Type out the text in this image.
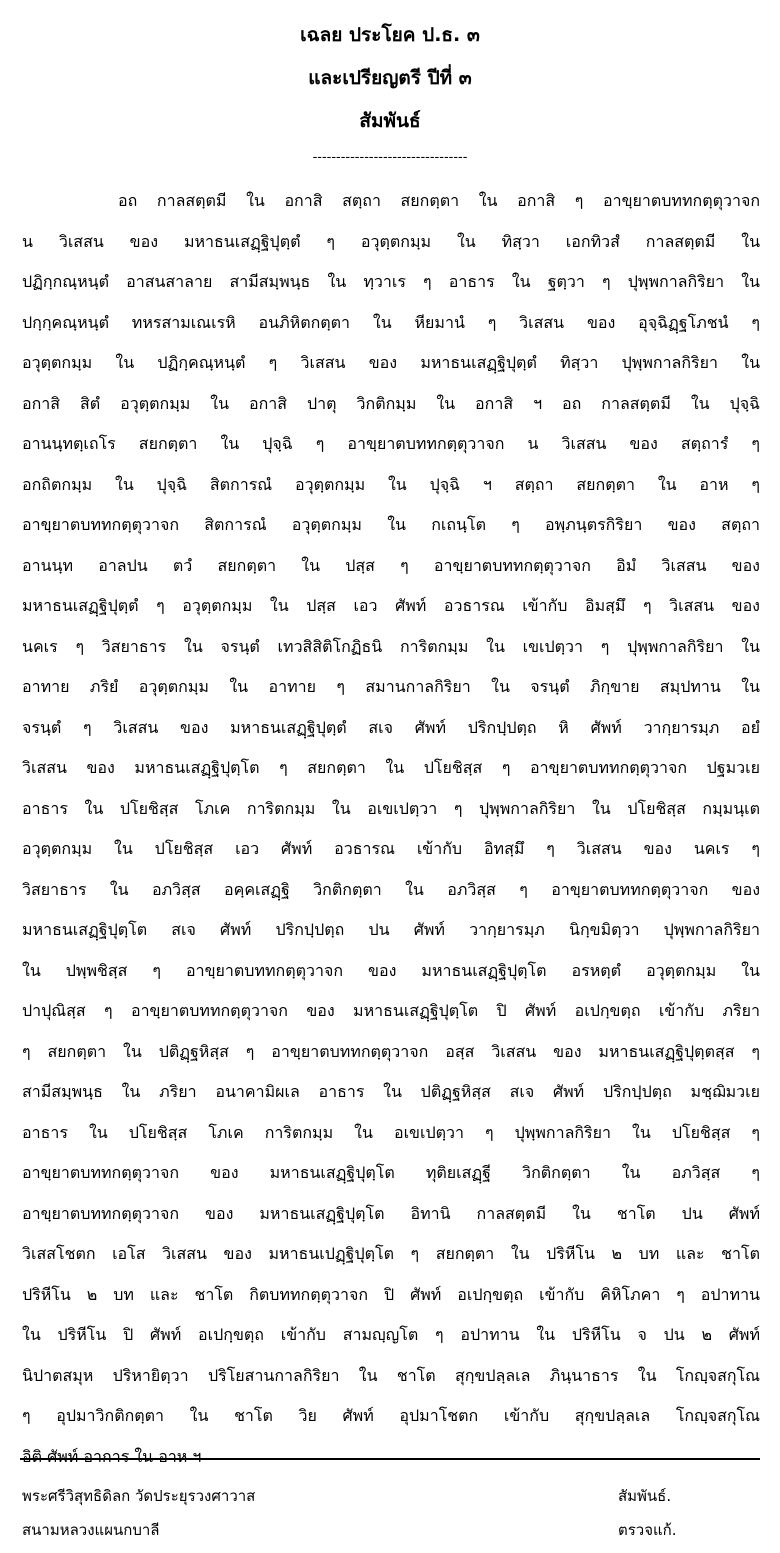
เฉลย ประโยค ป.ธ. ๓
และเปรียญตรี ปีที่ ๓
สัมพันธ์
---------------------------------
อถ กาลสตฺตมี ใน อกาสิ สตฺถา สยกตฺตา ใน อกาสิ ๆ อาขฺยาตบททกตฺตุวาจก
น วิเสสน ของ มหาธนเสฏฺฐิปุตฺตํ ๆ อวุตฺตกมฺม ใน ทิสฺวา เอกทิวสํ กาลสตฺตมี ใน
ปฏิกฺกณฺหนฺตํ อาสนสาลาย สามีสมฺพนฺธ ใน ทฺวาเร ๆ อาธาร ใน ฐตฺวา ๆ ปุพฺพกาลกิริยา ใน
ปกฺกฺคณฺหนฺตํ ทหรสามเณเรหิ อนภิหิตกตฺตา ใน หียมานํ ๆ วิเสสน ของ อุจฺฉิฏฺฐโภชนํ ๆ
อวุตฺตกมฺม ใน ปฏิกฺคณฺหนฺตํ ๆ วิเสสน ของ มหาธนเสฏฺฐิปุตฺตํ ทิสฺวา ปุพฺพกาลกิริยา ใน
อกาสิ สิตํ อวุตฺตกมฺม ใน อกาสิ ปาตุ วิกติกมฺม ใน อกาสิ ฯ อถ กาลสตฺตมี ใน ปุจฺฉิ
อานนฺทตฺเถโร สยกตฺตา ใน ปุจฺฉิ ๆ อาขฺยาตบททกตฺตุวาจก น วิเสสน ของ สตฺถารํ ๆ
อกถิตกมฺม ใน ปุจฺฉิ สิตการณํ อวุตฺตกมฺม ใน ปุจฺฉิ ฯ สตฺถา สยกตฺตา ใน อาห ๆ
อาขฺยาตบททกตฺตุวาจก สิตการณํ อวุตฺตกมฺม ใน กเถนฺโต ๆ อพฺภนฺตรกิริยา ของ สตฺถา
อานนฺท อาลปน ตวํ สยกตฺตา ใน ปสฺส ๆ อาขฺยาตบททกตฺตุวาจก อิมํ วิเสสน ของ
มหาธนเสฏฺฐิปุตฺตํ ๆ อวุตฺตกมฺม ใน ปสฺส เอว ศัพท์ อวธารณ เข้ากับ อิมสฺมึ ๆ วิเสสน ของ
นคเร ๆ วิสยาธาร ใน จรนฺตํ เทวสิสิติโกฏิธนิ การิตกมฺม ใน เขเปตฺวา ๆ ปุพฺพกาลกิริยา ใน
อาทาย ภริยํ อวุตฺตกมฺม ใน อาทาย ๆ สมานกาลกิริยา ใน จรนฺตํ ภิกฺขาย สมฺปทาน ใน
จรนฺตํ ๆ วิเสสน ของ มหาธนเสฏฺฐิปุตฺตํ สเจ ศัพท์ ปริกปฺปตฺถ หิ ศัพท์ วากฺยารมฺภ อยํ
วิเสสน ของ มหาธนเสฏฺฐิปุตฺโต ๆ สยกตฺตา ใน ปโยชิสฺส ๆ อาขฺยาตบททกตฺตุวาจก ปฐมวเย
อาธาร ใน ปโยชิสฺส โภเค การิตกมฺม ใน อเขเปตฺวา ๆ ปุพฺพกาลกิริยา ใน ปโยชิสฺส กมฺมนฺเต
อวุตฺตกมฺม ใน ปโยชิสฺส เอว ศัพท์ อวธารณ เข้ากับ อิทสฺมึ ๆ วิเสสน ของ นคเร ๆ
วิสยาธาร ใน อภวิสฺส อคฺคเสฏฺฐิ วิกติกตฺตา ใน อภวิสฺส ๆ อาขฺยาตบททกตฺตุวาจก ของ
มหาธนเสฏฺฐิปุตฺโต สเจ ศัพท์ ปริกปฺปตฺถ ปน ศัพท์ วากฺยารมฺภ นิกฺขมิตฺวา ปุพฺพกาลกิริยา
ใน ปพฺพชิสฺส ๆ อาขฺยาตบททกตฺตุวาจก ของ มหาธนเสฏฺฐิปุตฺโต อรหตฺตํ อวุตฺตกมฺม ใน
ปาปุณิสฺส ๆ อาขฺยาตบททกตฺตุวาจก ของ มหาธนเสฏฺฐิปุตฺโต ปิ ศัพท์ อเปกฺขตฺถ เข้ากับ ภริยา
ๆ สยกตฺตา ใน ปติฏฺฐหิสฺส ๆ อาขฺยาตบททกตฺตุวาจก อสฺส วิเสสน ของ มหาธนเสฏฺฐิปุตฺตสฺส ๆ
สามีสมฺพนฺธ ใน ภริยา อนาคามิผเล อาธาร ใน ปติฏฺฐหิสฺส สเจ ศัพท์ ปริกปฺปตฺถ มชฺฌิมวเย
อาธาร ใน ปโยชิสฺส โภเค การิตกมฺม ใน อเขเปตฺวา ๆ ปุพฺพกาลกิริยา ใน ปโยชิสฺส ๆ
อาขฺยาตบททกตฺตุวาจก ของ มหาธนเสฏฺฐิปุตฺโต ทุติยเสฏฺฐี วิกติกตฺตา ใน อภวิสฺส ๆ
อาขฺยาตบททกตฺตุวาจก ของ มหาธนเสฏฺฐิปุตฺโต อิทานิ กาลสตฺตมี ใน ชาโต ปน ศัพท์
วิเสสโชตก เอโส วิเสสน ของ มหาธนเปฏฺฐิปุตฺโต ๆ สยกตฺตา ใน ปริหีโน ๒ บท และ ชาโต
ปริหีโน ๒ บท และ ชาโต กิตบททกตฺตุวาจก ปิ ศัพท์ อเปกฺขตฺถ เข้ากับ คิหิโภคา ๆ อปาทาน
ใน ปริหีโน ปิ ศัพท์ อเปกฺขตฺถ เข้ากับ สามญฺญโต ๆ อปาทาน ใน ปริหีโน จ ปน ๒ ศัพท์
นิปาตสมุห ปริหายิตฺวา ปริโยสานกาลกิริยา ใน ชาโต สุกฺขปลฺลเล ภินฺนาธาร ใน โกญฺจสกุโณ
ๆ อุปมาวิกติกตฺตา ใน ชาโต วิย ศัพท์ อุปมาโชตก เข้ากับ สุกฺขปลฺลเล โกญฺจสกุโณ
อิติ ศัพท์ อาการ ใน อาห ฯ
พระศรีวิสุทธิดิลก วัดประยุรวงศาวาส	สัมพันธ์.
สนามหลวงแผนกบาลี	ตรวจแก้.
